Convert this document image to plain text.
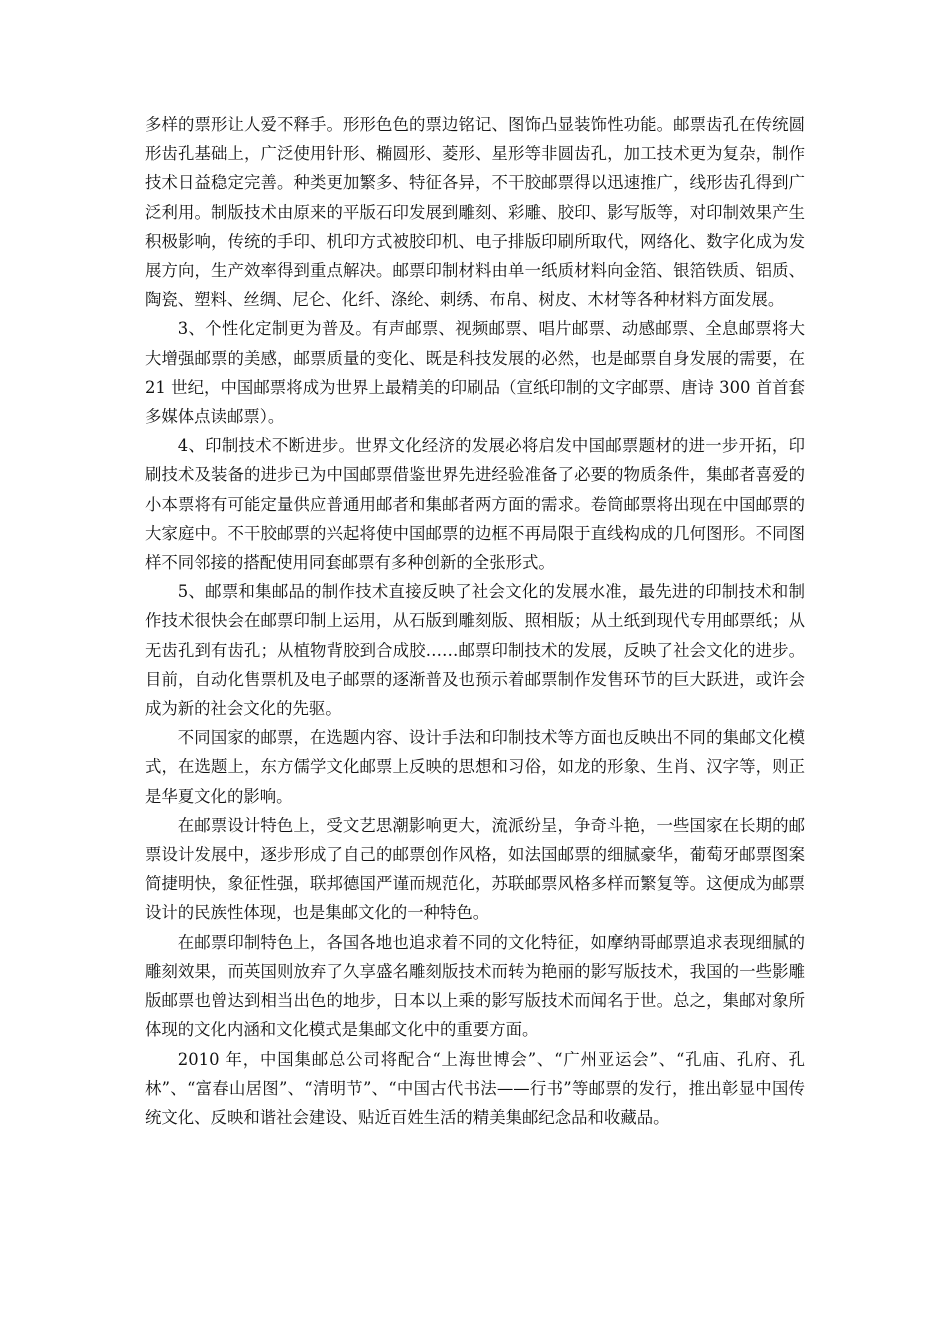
多样的票形让人爱不释手。形形色色的票边铭记、图饰凸显装饰性功能。邮票齿孔在传统圆形齿孔基础上，广泛使用针形、椭圆形、菱形、星形等非圆齿孔，加工技术更为复杂，制作技术日益稳定完善。种类更加繁多、特征各异，不干胶邮票得以迅速推广，线形齿孔得到广泛利用。制版技术由原来的平版石印发展到雕刻、彩雕、胶印、影写版等，对印制效果产生积极影响，传统的手印、机印方式被胶印机、电子排版印刷所取代，网络化、数字化成为发展方向，生产效率得到重点解决。邮票印制材料由单一纸质材料向金箔、银箔铁质、铝质、陶瓷、塑料、丝绸、尼仑、化纤、涤纶、刺绣、布帛、树皮、木材等各种材料方面发展。

3、个性化定制更为普及。有声邮票、视频邮票、唱片邮票、动感邮票、全息邮票将大大增强邮票的美感，邮票质量的变化、既是科技发展的必然，也是邮票自身发展的需要，在 21 世纪，中国邮票将成为世界上最精美的印刷品（宣纸印制的文字邮票、唐诗 300 首首套多媒体点读邮票）。

4、印制技术不断进步。世界文化经济的发展必将启发中国邮票题材的进一步开拓，印刷技术及装备的进步已为中国邮票借鉴世界先进经验准备了必要的物质条件，集邮者喜爱的小本票将有可能定量供应普通用邮者和集邮者两方面的需求。卷筒邮票将出现在中国邮票的大家庭中。不干胶邮票的兴起将使中国邮票的边框不再局限于直线构成的几何图形。不同图样不同邻接的搭配使用同套邮票有多种创新的全张形式。

5、邮票和集邮品的制作技术直接反映了社会文化的发展水准，最先进的印制技术和制作技术很快会在邮票印制上运用，从石版到雕刻版、照相版；从土纸到现代专用邮票纸；从无齿孔到有齿孔；从植物背胶到合成胶……邮票印制技术的发展，反映了社会文化的进步。目前，自动化售票机及电子邮票的逐渐普及也预示着邮票制作发售环节的巨大跃进，或许会成为新的社会文化的先驱。

不同国家的邮票，在选题内容、设计手法和印制技术等方面也反映出不同的集邮文化模式，在选题上，东方儒学文化邮票上反映的思想和习俗，如龙的形象、生肖、汉字等，则正是华夏文化的影响。

在邮票设计特色上，受文艺思潮影响更大，流派纷呈，争奇斗艳，一些国家在长期的邮票设计发展中，逐步形成了自己的邮票创作风格，如法国邮票的细腻豪华，葡萄牙邮票图案简捷明快，象征性强，联邦德国严谨而规范化，苏联邮票风格多样而繁复等。这便成为邮票设计的民族性体现，也是集邮文化的一种特色。

在邮票印制特色上，各国各地也追求着不同的文化特征，如摩纳哥邮票追求表现细腻的雕刻效果，而英国则放弃了久享盛名雕刻版技术而转为艳丽的影写版技术，我国的一些影雕版邮票也曾达到相当出色的地步，日本以上乘的影写版技术而闻名于世。总之，集邮对象所体现的文化内涵和文化模式是集邮文化中的重要方面。

2010 年，中国集邮总公司将配合“上海世博会”、“广州亚运会”、“孔庙、孔府、孔林”、“富春山居图”、“清明节”、“中国古代书法——行书”等邮票的发行，推出彰显中国传统文化、反映和谐社会建设、贴近百姓生活的精美集邮纪念品和收藏品。
